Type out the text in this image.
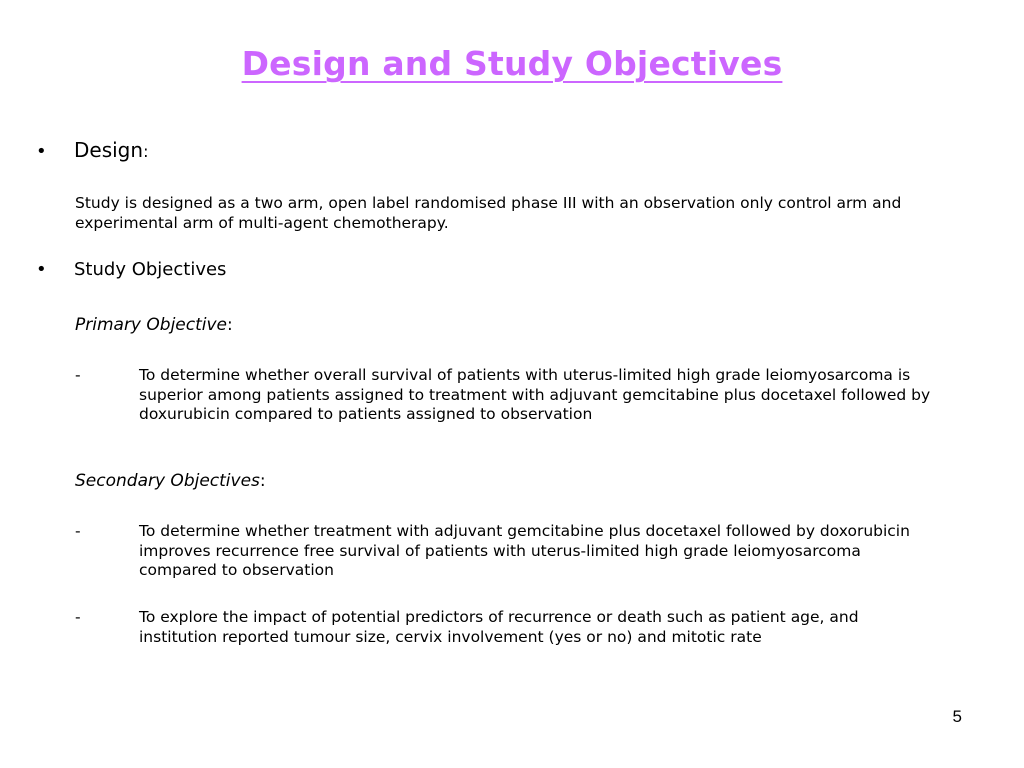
Design and Study Objectives
•	Design :
Study is designed as a two arm, open label randomised phase III with an observation only control arm and experimental arm of multi-agent chemotherapy.
•	Study Objectives
Primary Objective:
-	To determine whether overall survival of patients with uterus-limited high grade leiomyosarcoma is superior among patients assigned to treatment with adjuvant gemcitabine plus docetaxel followed by doxurubicin compared to patients assigned to observation
Secondary Objectives:
-	To determine whether treatment with adjuvant gemcitabine plus docetaxel followed by doxorubicin improves recurrence free survival of patients with uterus-limited high grade leiomyosarcoma compared to observation
-	To explore the impact of potential predictors of recurrence or death such as patient age, and institution reported tumour size, cervix involvement (yes or no) and mitotic rate
5
